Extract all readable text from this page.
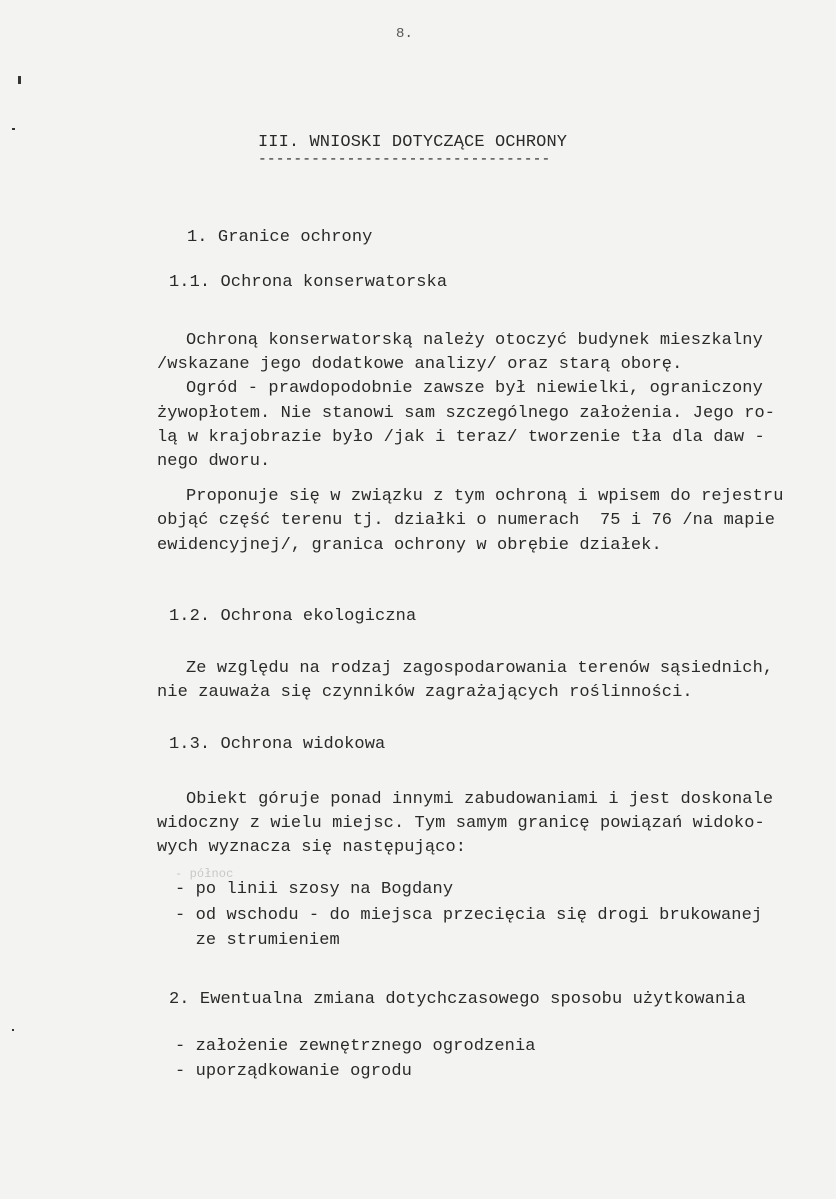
8.
III. WNIOSKI DOTYCZĄCE OCHRONY
---------------------------------
1. Granice ochrony
1.1. Ochrona konserwatorska
Ochroną konserwatorską należy otoczyć budynek mieszkalny
/wskazane jego dodatkowe analizy/ oraz starą oborę.
Ogród - prawdopodobnie zawsze był niewielki, ograniczony
żywopłotem. Nie stanowi sam szczególnego założenia. Jego ro-
lą w krajobrazie było /jak i teraz/ tworzenie tła dla daw -
nego dworu.
Proponuje się w związku z tym ochroną i wpisem do rejestru
objąć część terenu tj. działki o numerach  75 i 76 /na mapie
ewidencyjnej/, granica ochrony w obrębie działek.
1.2. Ochrona ekologiczna
Ze względu na rodzaj zagospodarowania terenów sąsiednich,
nie zauważa się czynników zagrażających roślinności.
1.3. Ochrona widokowa
Obiekt góruje ponad innymi zabudowaniami i jest doskonale
widoczny z wielu miejsc. Tym samym granicę powiązań widoko-
wych wyznacza się następująco:
- północ
- po linii szosy na Bogdany
- od wschodu - do miejsca przecięcia się drogi brukowanej
ze strumieniem
2. Ewentualna zmiana dotychczasowego sposobu użytkowania
- założenie zewnętrznego ogrodzenia
- uporządkowanie ogrodu
